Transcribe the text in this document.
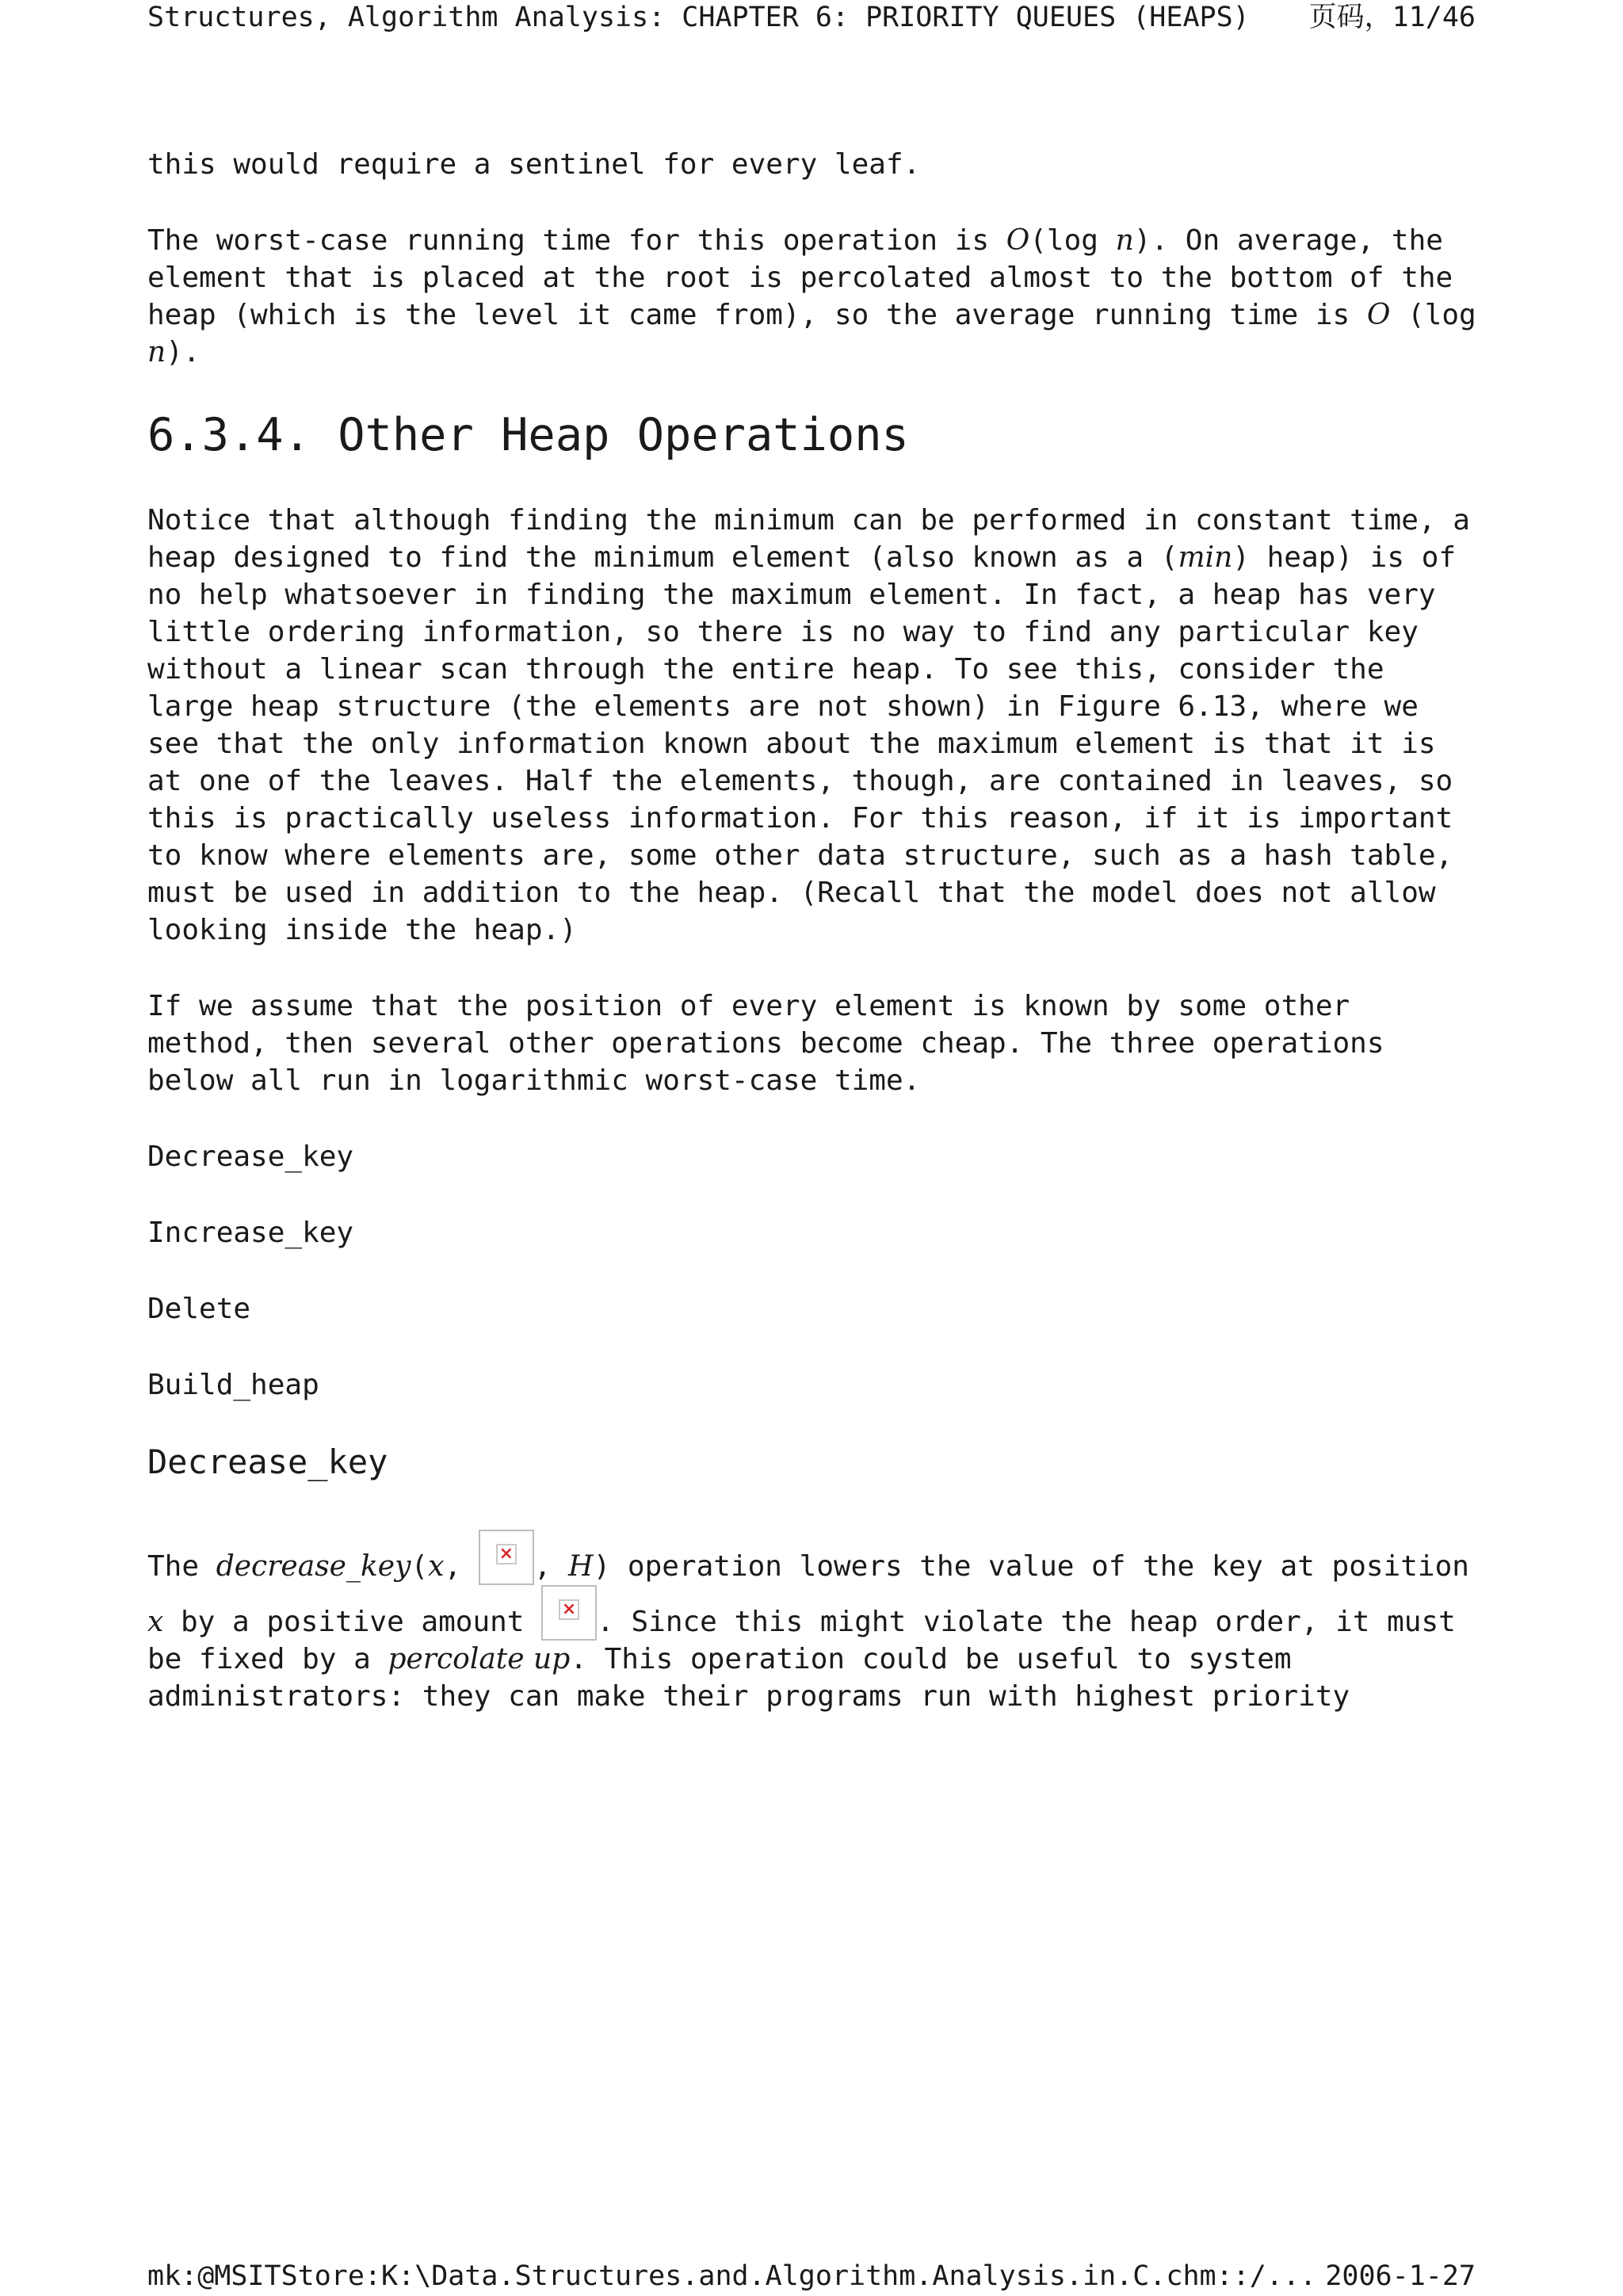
Structures, Algorithm Analysis: CHAPTER 6: PRIORITY QUEUES (HEAPS) 页码，11/46

this would require a sentinel for every leaf.

The worst-case running time for this operation is O(log n). On average, the element that is placed at the root is percolated almost to the bottom of the heap (which is the level it came from), so the average running time is O (log n).

6.3.4. Other Heap Operations

Notice that although finding the minimum can be performed in constant time, a heap designed to find the minimum element (also known as a (min) heap) is of no help whatsoever in finding the maximum element. In fact, a heap has very little ordering information, so there is no way to find any particular key without a linear scan through the entire heap. To see this, consider the large heap structure (the elements are not shown) in Figure 6.13, where we see that the only information known about the maximum element is that it is at one of the leaves. Half the elements, though, are contained in leaves, so this is practically useless information. For this reason, if it is important to know where elements are, some other data structure, such as a hash table, must be used in addition to the heap. (Recall that the model does not allow looking inside the heap.)

If we assume that the position of every element is known by some other method, then several other operations become cheap. The three operations below all run in logarithmic worst-case time.

Decrease_key
Increase_key
Delete
Build_heap
Decrease_key

The decrease_key(x, × , H) operation lowers the value of the key at position x by a positive amount × . Since this might violate the heap order, it must be fixed by a percolate up. This operation could be useful to system administrators: they can make their programs run with highest priority

mk:@MSITStore:K:\Data.Structures.and.Algorithm.Analysis.in.C.chm::/... 2006-1-27
